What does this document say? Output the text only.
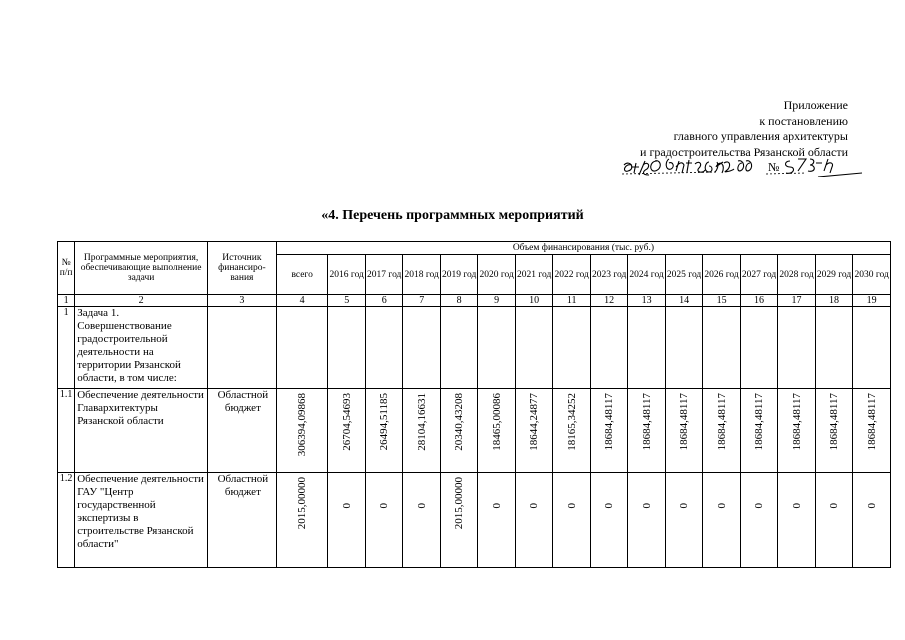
Приложение
к постановлению
главного управления архитектуры
и градостроительства Рязанской области
№
«4. Перечень программных мероприятий
№ п/п	Программные мероприятия, обеспечивающие выполнение задачи	Источник финансиро-вания	Объем финансирования (тыс. руб.)															
			всего	2016 год	2017 год	2018 год	2019 год	2020 год	2021 год	2022 год	2023 год	2024 год	2025 год	2026 год	2027 год	2028 год	2029 год	2030 год
1	2	3	4	5	6	7	8	9	10	11	12	13	14	15	16	17	18	19
1	Задача 1. Совершенствование градостроительной деятельности на территории Рязанской области, в том числе:		

1.1	Обеспечение деятельности Главархитектуры Рязанской области	Областной бюджет	306394,09868	26704,54693	26494,51185	28104,16631	20340,43208	18465,00086	18644,24877	18165,34252	18684,48117	18684,48117	18684,48117	18684,48117	18684,48117	18684,48117	18684,48117	18684,48117

1.2	Обеспечение деятельности ГАУ "Центр государственной экспертизы в строительстве Рязанской области"	Областной бюджет	2015,00000	0	0	0	2015,00000	0	0	0	0	0	0	0	0	0	0	0
